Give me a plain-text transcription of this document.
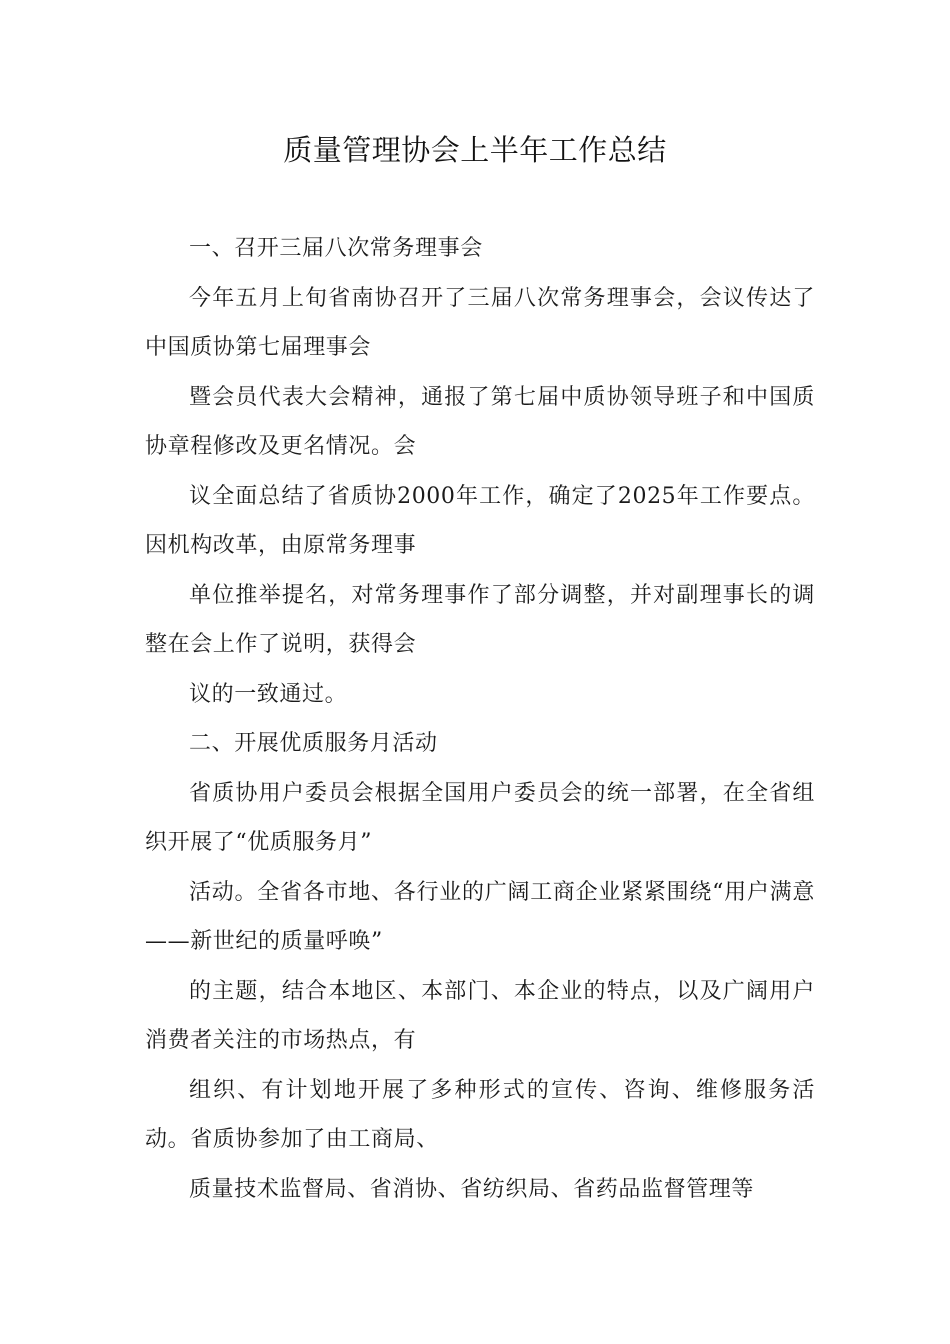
质量管理协会上半年工作总结

一、召开三届八次常务理事会

今年五月上旬省南协召开了三届八次常务理事会，会议传达了中国质协第七届理事会

暨会员代表大会精神，通报了第七届中质协领导班子和中国质协章程修改及更名情况。会

议全面总结了省质协2000年工作，确定了2025年工作要点。因机构改革，由原常务理事

单位推举提名，对常务理事作了部分调整，并对副理事长的调整在会上作了说明，获得会

议的一致通过。

二、开展优质服务月活动

省质协用户委员会根据全国用户委员会的统一部署，在全省组织开展了“优质服务月”

活动。全省各市地、各行业的广阔工商企业紧紧围绕“用户满意——新世纪的质量呼唤”

的主题，结合本地区、本部门、本企业的特点，以及广阔用户消费者关注的市场热点，有

组织、有计划地开展了多种形式的宣传、咨询、维修服务活动。省质协参加了由工商局、

质量技术监督局、省消协、省纺织局、省药品监督管理等
